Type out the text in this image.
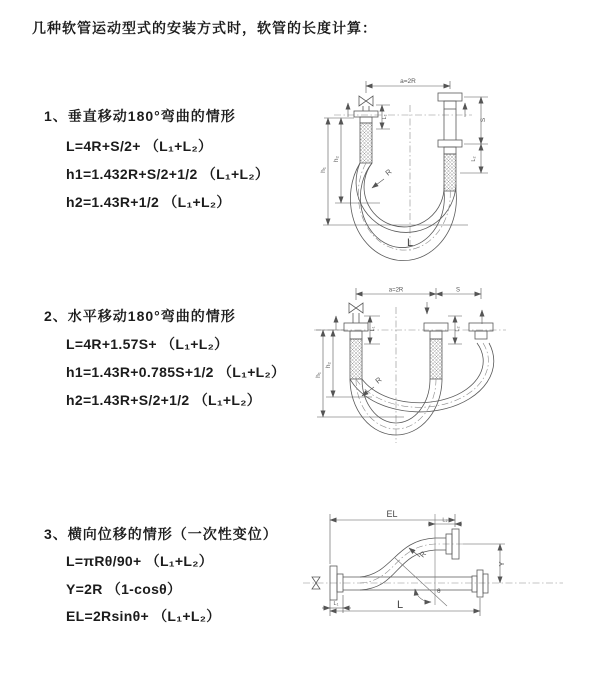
几种软管运动型式的安装方式时，软管的长度计算：
1、垂直移动180°弯曲的情形
L=4R+S/2+ （L₁+L₂）
h1=1.432R+S/2+1/2 （L₁+L₂）
h2=1.43R+1/2 （L₁+L₂）
2、水平移动180°弯曲的情形
L=4R+1.57S+ （L₁+L₂）
h1=1.43R+0.785S+1/2 （L₁+L₂）
h2=1.43R+S/2+1/2 （L₁+L₂）
3、横向位移的情形（一次性变位）
L=πRθ/90+ （L₁+L₂）
Y=2R （1-cosθ）
EL=2Rsinθ+ （L₁+L₂）
a=2R
S
L₂
h₁
h₂
L₁
R
L
a=2R	S
h₁
h₂
L₁	L₂
R
EL
L₂
Y
L
L₁
θ
R
